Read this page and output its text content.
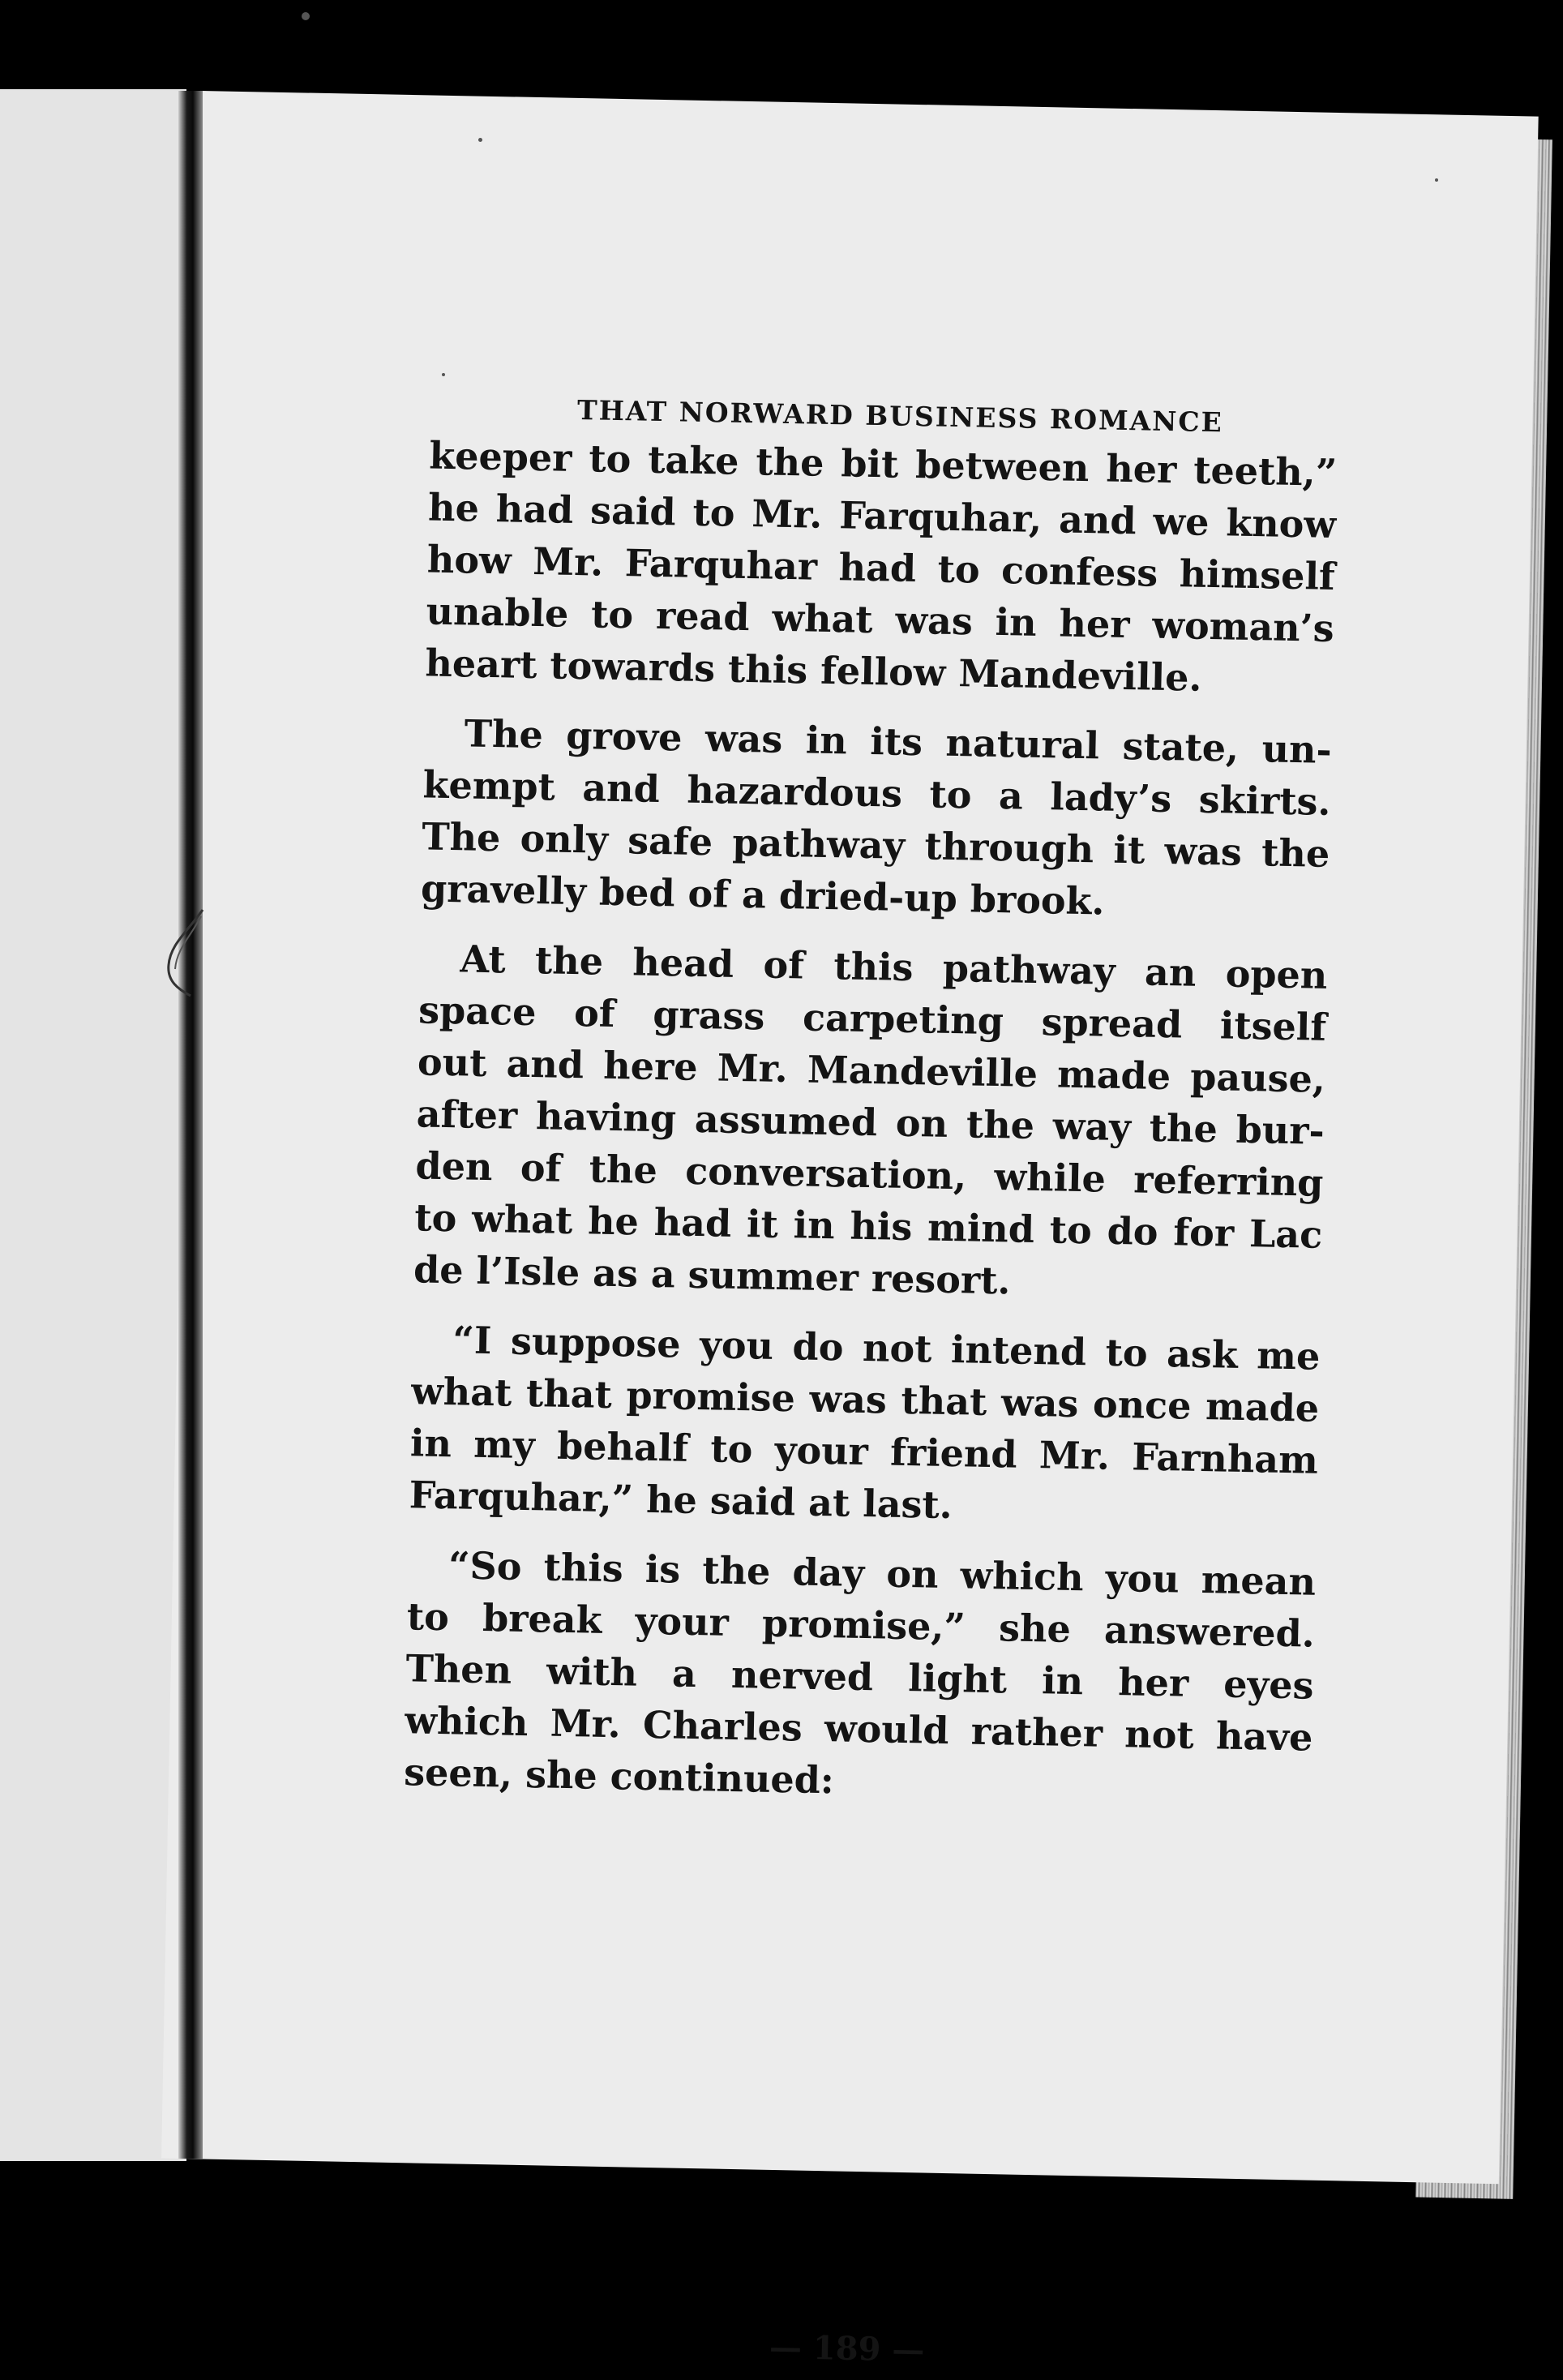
THAT NORWARD BUSINESS ROMANCE
keeper to take the bit between her teeth,”
he had said to Mr. Farquhar, and we know
how Mr. Farquhar had to confess himself
unable to read what was in her woman’s
heart towards this fellow Mandeville.
The grove was in its natural state, un-
kempt and hazardous to a lady’s skirts.
The only safe pathway through it was the
gravelly bed of a dried-up brook.
At the head of this pathway an open
space of grass carpeting spread itself
out and here Mr. Mandeville made pause,
after having assumed on the way the bur-
den of the conversation, while referring
to what he had it in his mind to do for Lac
de l’Isle as a summer resort.
“I suppose you do not intend to ask me
what that promise was that was once made
in my behalf to your friend Mr. Farnham
Farquhar,” he said at last.
“So this is the day on which you mean
to break your promise,” she answered.
Then with a nerved light in her eyes
which Mr. Charles would rather not have
seen, she continued:
— 189 —
